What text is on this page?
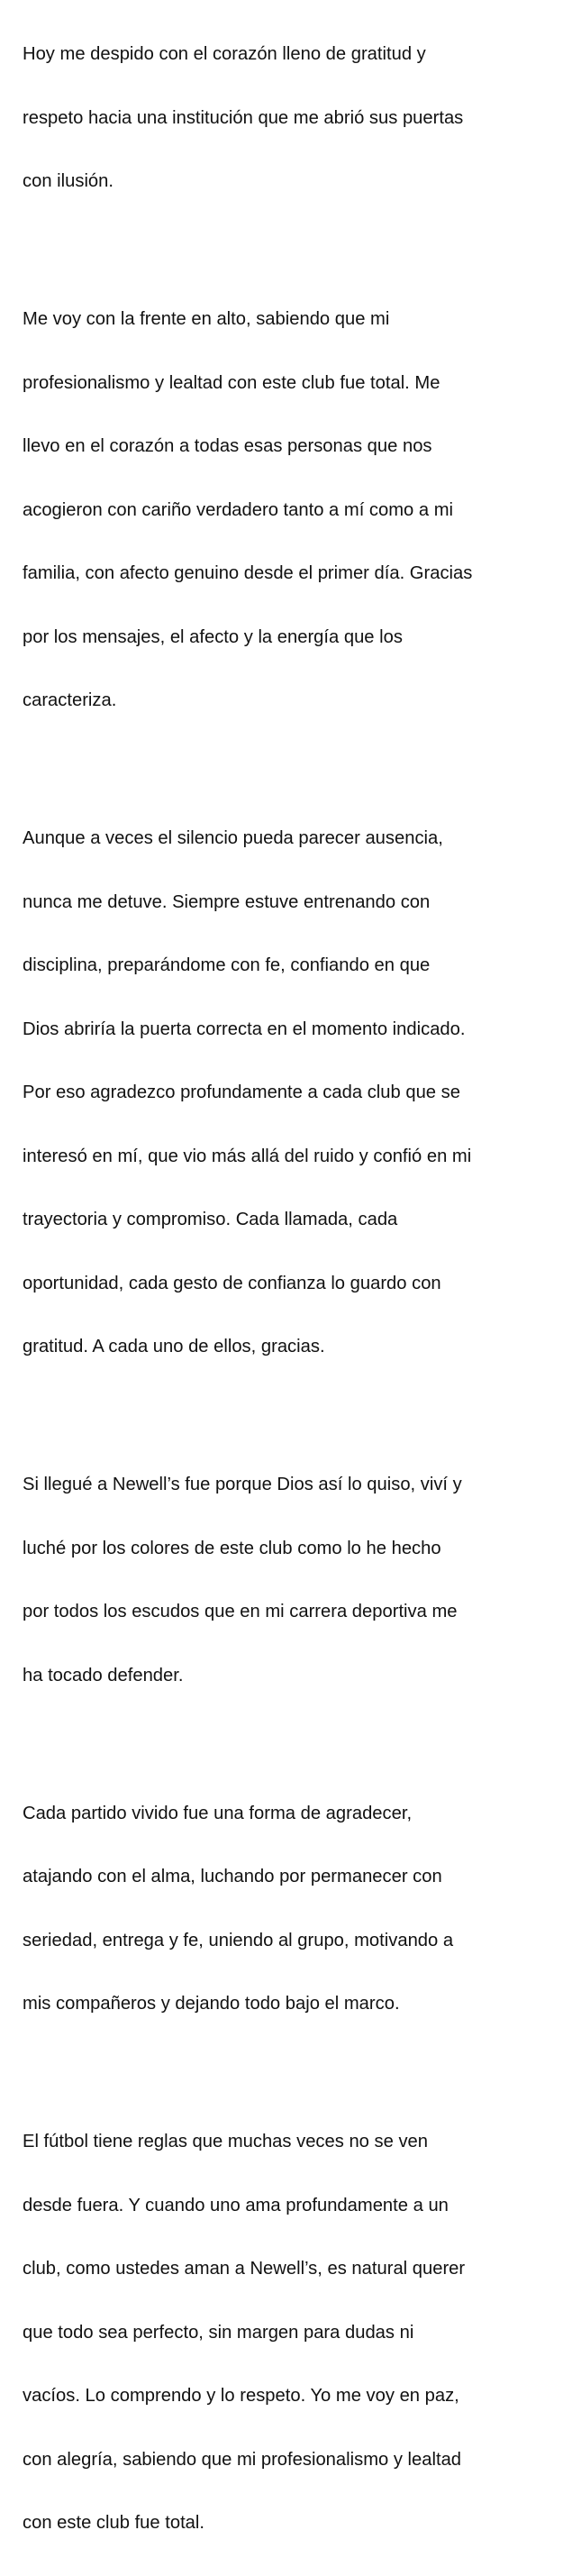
Hoy me despido con el corazón lleno de gratitud y

respeto hacia una institución que me abrió sus puertas

con ilusión.

Me voy con la frente en alto, sabiendo que mi

profesionalismo y lealtad con este club fue total. Me

llevo en el corazón a todas esas personas que nos

acogieron con cariño verdadero tanto a mí como a mi

familia, con afecto genuino desde el primer día. Gracias

por los mensajes, el afecto y la energía que los

caracteriza.

Aunque a veces el silencio pueda parecer ausencia,

nunca me detuve. Siempre estuve entrenando con

disciplina, preparándome con fe, confiando en que

Dios abriría la puerta correcta en el momento indicado.

Por eso agradezco profundamente a cada club que se

interesó en mí, que vio más allá del ruido y confió en mi

trayectoria y compromiso. Cada llamada, cada

oportunidad, cada gesto de confianza lo guardo con

gratitud. A cada uno de ellos, gracias.

Si llegué a Newell’s fue porque Dios así lo quiso, viví y

luché por los colores de este club como lo he hecho

por todos los escudos que en mi carrera deportiva me

ha tocado defender.

Cada partido vivido fue una forma de agradecer,

atajando con el alma, luchando por permanecer con

seriedad, entrega y fe, uniendo al grupo, motivando a

mis compañeros y dejando todo bajo el marco.

El fútbol tiene reglas que muchas veces no se ven

desde fuera. Y cuando uno ama profundamente a un

club, como ustedes aman a Newell’s, es natural querer

que todo sea perfecto, sin margen para dudas ni

vacíos. Lo comprendo y lo respeto. Yo me voy en paz,

con alegría, sabiendo que mi profesionalismo y lealtad

con este club fue total.
